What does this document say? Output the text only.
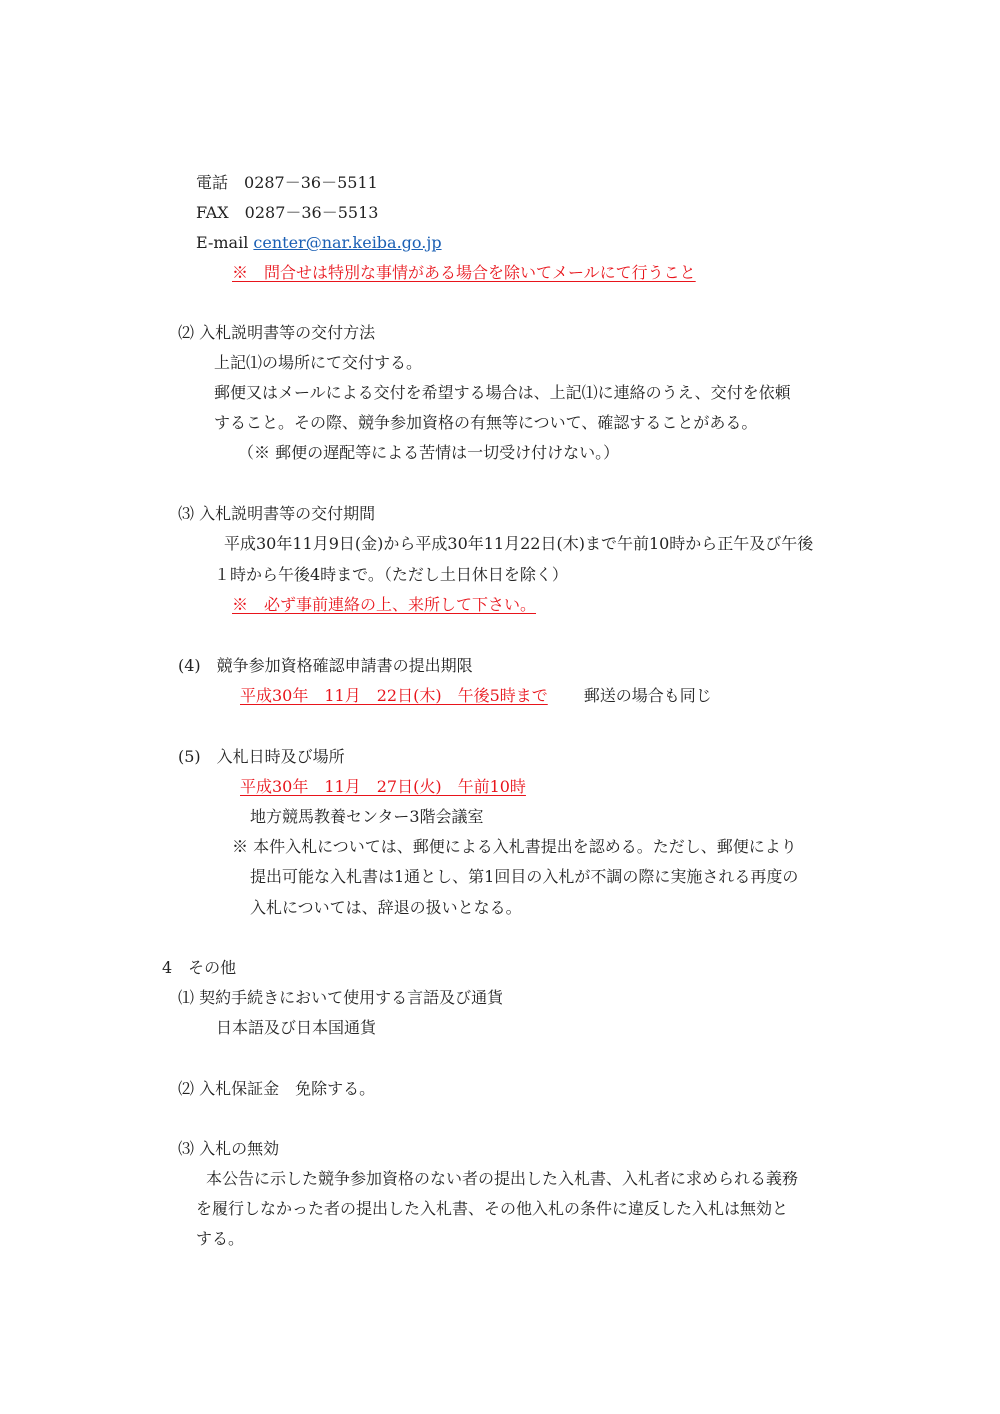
電話 0287－36－5511
FAX 0287－36－5513
E-mail center@nar.keiba.go.jp
※　問合せは特別な事情がある場合を除いてメールにて行うこと
⑵ 入札説明書等の交付方法
上記⑴の場所にて交付する。
郵便又はメールによる交付を希望する場合は、上記⑴に連絡のうえ、交付を依頼
すること。その際、競争参加資格の有無等について、確認することがある。
（※ 郵便の遅配等による苦情は一切受け付けない。）
⑶ 入札説明書等の交付期間
平成30年11月9日(金)から平成30年11月22日(木)まで午前10時から正午及び午後
１時から午後4時まで。（ただし土日休日を除く）
※　必ず事前連絡の上、来所して下さい。
(4)　競争参加資格確認申請書の提出期限
平成30年　11月　22日(木)　午後5時まで 郵送の場合も同じ
(5)　入札日時及び場所
平成30年　11月　27日(火)　午前10時
地方競馬教養センター3階会議室
※ 本件入札については、郵便による入札書提出を認める。ただし、郵便により
提出可能な入札書は1通とし、第1回目の入札が不調の際に実施される再度の
入札については、辞退の扱いとなる。
4　その他
⑴ 契約手続きにおいて使用する言語及び通貨
日本語及び日本国通貨
⑵ 入札保証金　免除する。
⑶ 入札の無効
本公告に示した競争参加資格のない者の提出した入札書、入札者に求められる義務
を履行しなかった者の提出した入札書、その他入札の条件に違反した入札は無効と
する。
